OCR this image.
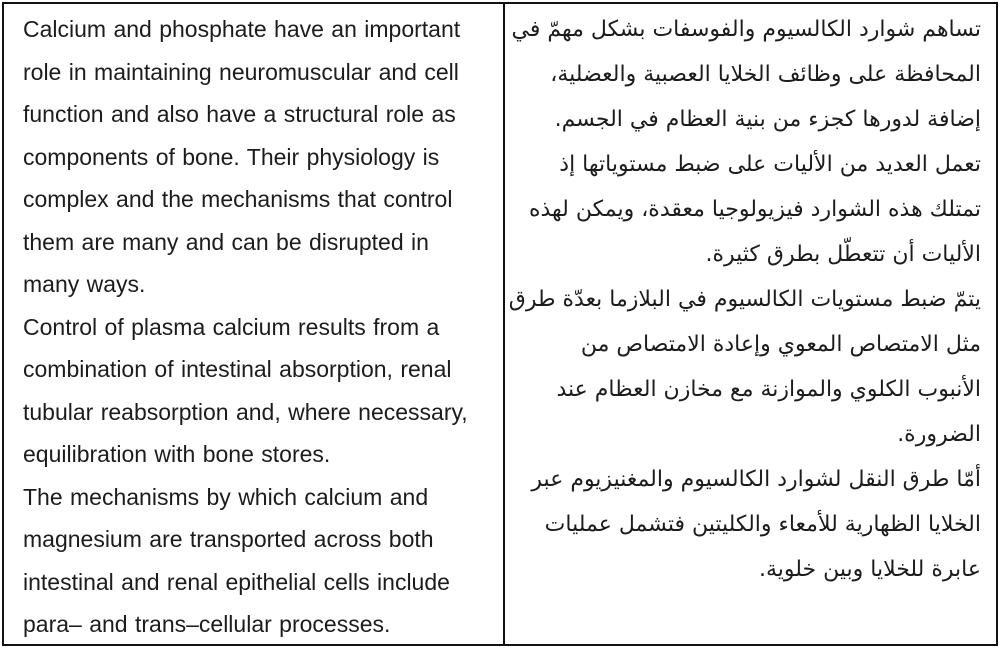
Calcium and phosphate have an important
role in maintaining neuromuscular and cell
function and also have a structural role as
components of bone. Their physiology is
complex and the mechanisms that control
them are many and can be disrupted in
many ways.
Control of plasma calcium results from a
combination of intestinal absorption, renal
tubular reabsorption and, where necessary,
equilibration with bone stores.
The mechanisms by which calcium and
magnesium are transported across both
intestinal and renal epithelial cells include
para– and trans–cellular processes.
تساهم شوارد الكالسيوم والفوسفات بشكل مهمّ في
المحافظة على وظائف الخلايا العصبية والعضلية،
إضافة لدورها كجزء من بنية العظام في الجسم.
تعمل العديد من الأليات على ضبط مستوياتها إذ
تمتلك هذه الشوارد فيزيولوجيا معقدة، ويمكن لهذه
الأليات أن تتعطّل بطرق كثيرة.
يتمّ ضبط مستويات الكالسيوم في البلازما بعدّة طرق
مثل الامتصاص المعوي وإعادة الامتصاص من
الأنبوب الكلوي والموازنة مع مخازن العظام عند
الضرورة.
أمّا طرق النقل لشوارد الكالسيوم والمغنيزيوم عبر
الخلايا الظهارية للأمعاء والكليتين فتشمل عمليات
عابرة للخلايا وبين خلوية.
